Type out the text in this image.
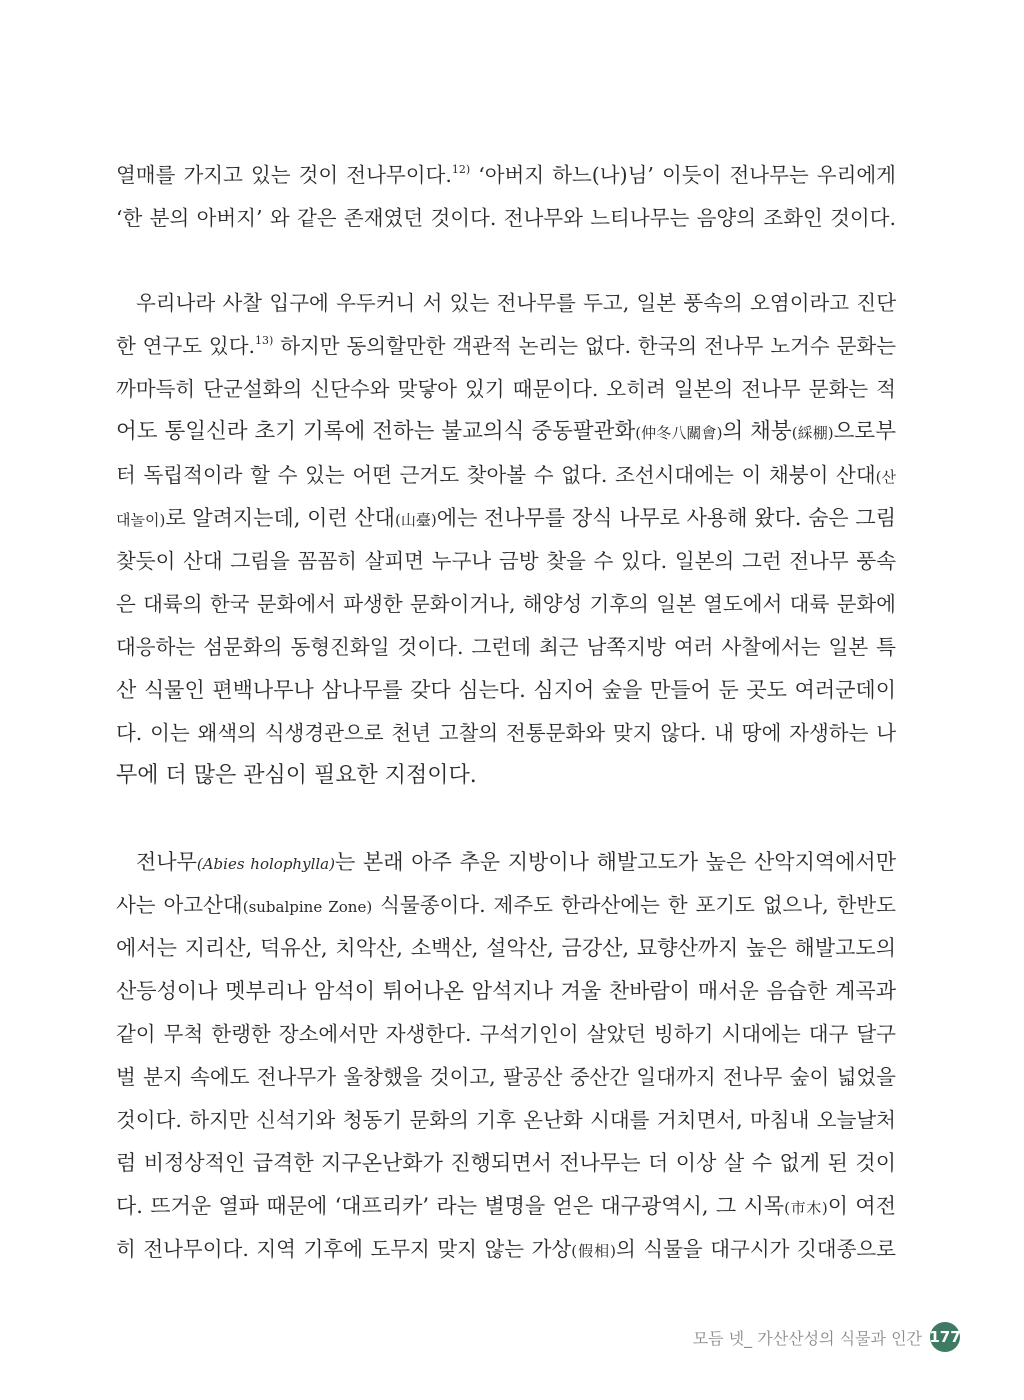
열매를 가지고 있는 것이 전나무이다.$^{12)}$ ‘아버지 하느(나)님’ 이듯이 전나무는 우리에게
‘한 분의 아버지’ 와 같은 존재였던 것이다. 전나무와 느티나무는 음양의 조화인 것이다.
우리나라 사찰 입구에 우두커니 서 있는 전나무를 두고, 일본 풍속의 오염이라고 진단
한 연구도 있다.$^{13)}$ 하지만 동의할만한 객관적 논리는 없다. 한국의 전나무 노거수 문화는
까마득히 단군설화의 신단수와 맞닿아 있기 때문이다. 오히려 일본의 전나무 문화는 적
어도 통일신라 초기 기록에 전하는 불교의식 중동팔관화(仲冬八關會)의 채붕(綵棚)으로부
터 독립적이라 할 수 있는 어떤 근거도 찾아볼 수 없다. 조선시대에는 이 채붕이 산대(산
대놀이)로 알려지는데, 이런 산대(山臺)에는 전나무를 장식 나무로 사용해 왔다. 숨은 그림
찾듯이 산대 그림을 꼼꼼히 살피면 누구나 금방 찾을 수 있다. 일본의 그런 전나무 풍속
은 대륙의 한국 문화에서 파생한 문화이거나, 해양성 기후의 일본 열도에서 대륙 문화에
대응하는 섬문화의 동형진화일 것이다. 그런데 최근 남쪽지방 여러 사찰에서는 일본 특
산 식물인 편백나무나 삼나무를 갖다 심는다. 심지어 숲을 만들어 둔 곳도 여러군데이
다. 이는 왜색의 식생경관으로 천년 고찰의 전통문화와 맞지 않다. 내 땅에 자생하는 나
무에 더 많은 관심이 필요한 지점이다.
전나무(Abies holophylla)는 본래 아주 추운 지방이나 해발고도가 높은 산악지역에서만
사는 아고산대(subalpine Zone) 식물종이다. 제주도 한라산에는 한 포기도 없으나, 한반도
에서는 지리산, 덕유산, 치악산, 소백산, 설악산, 금강산, 묘향산까지 높은 해발고도의
산등성이나 멧부리나 암석이 튀어나온 암석지나 겨울 찬바람이 매서운 음습한 계곡과
같이 무척 한랭한 장소에서만 자생한다. 구석기인이 살았던 빙하기 시대에는 대구 달구
벌 분지 속에도 전나무가 울창했을 것이고, 팔공산 중산간 일대까지 전나무 숲이 넓었을
것이다. 하지만 신석기와 청동기 문화의 기후 온난화 시대를 거치면서, 마침내 오늘날처
럼 비정상적인 급격한 지구온난화가 진행되면서 전나무는 더 이상 살 수 없게 된 것이
다. 뜨거운 열파 때문에 ‘대프리카’ 라는 별명을 얻은 대구광역시, 그 시목(市木)이 여전
히 전나무이다. 지역 기후에 도무지 맞지 않는 가상(假相)의 식물을 대구시가 깃대종으로
모듬 넷_ 가산산성의 식물과 인간 177
